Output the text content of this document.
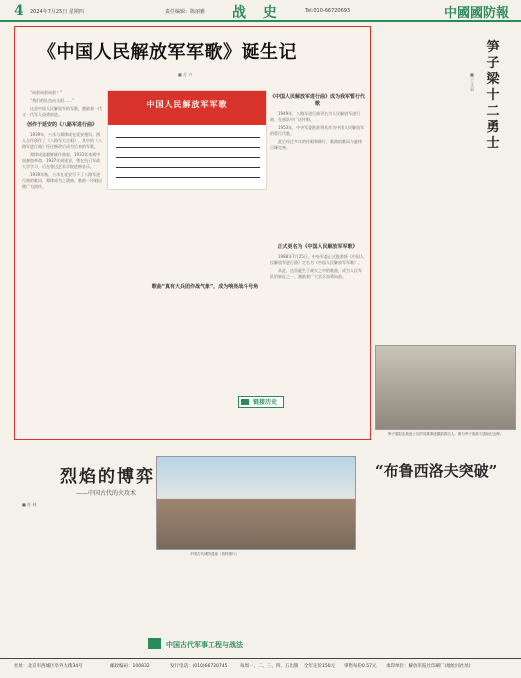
4 2024年7月25日 星期四	责任编辑：陈丽雅 战 史	Tel:010-66720693	中國國防報
《中国人民解放军军歌》诞生记
■ 苏 卉

“向前向前向前！”

“我们的队伍向太阳……”

这首中国人民解放军的军歌，激励着一代又一代军人奋勇前进。

创作于延安的《八路军进行曲》

1939年，公木与郑律成在延安相识。两人合作创作了《八路军大合唱》，其中的《八路军进行曲》经过修改后成为后来的军歌。

郑律成是朝鲜族作曲家，1933年来到中国参加革命，1937年到延安，曾在抗日军政大学学习，后在鲁迅艺术学院进修音乐。

1939年秋，公木在延安写下了八路军进行曲的歌词，郑律成为之谱曲，歌曲一经唱出便广为流传。

中国人民解放军军歌
《中国人民解放军进行曲》成为我军暂行代歌

1949年，八路军进行曲更名为人民解放军进行曲，在部队中广泛传唱。

1953年，中央军委批准将其作为中国人民解放军的暂行代歌。

此后经过多年的传唱和修订，歌曲的歌词与旋律日臻完善。

歌曲“真有大兵团作战气象”，成为响亮战斗号角
正式更名为《中国人民解放军军歌》

1988年7月25日，中央军委正式批准将《中国人民解放军进行曲》定名为《中国人民解放军军歌》。

从此，这首诞生于战火之中的歌曲，成为人民军队的象征之一，激励着广大官兵奋勇向前。

链接历史
笋子梁十二勇士
■ 王 文 莉
笋子梁阻击战战士们的英雄事迹激励着后人。图为笋子梁战斗遗址纪念碑。
烈焰的博弈
——中国古代的火攻术
■ 苏 林
中国古代城防遗迹（资料图片）
“布鲁西洛夫突破”
中国古代军事工程与战法
社址：北京市西城区阜外大街34号	邮政编码：100832	发行电话：(010)66720745	每周一、二、三、四、五出版 全年定价150元 零售每份0.57元 承印单位：解放军报社印刷厂(地址同社址)
